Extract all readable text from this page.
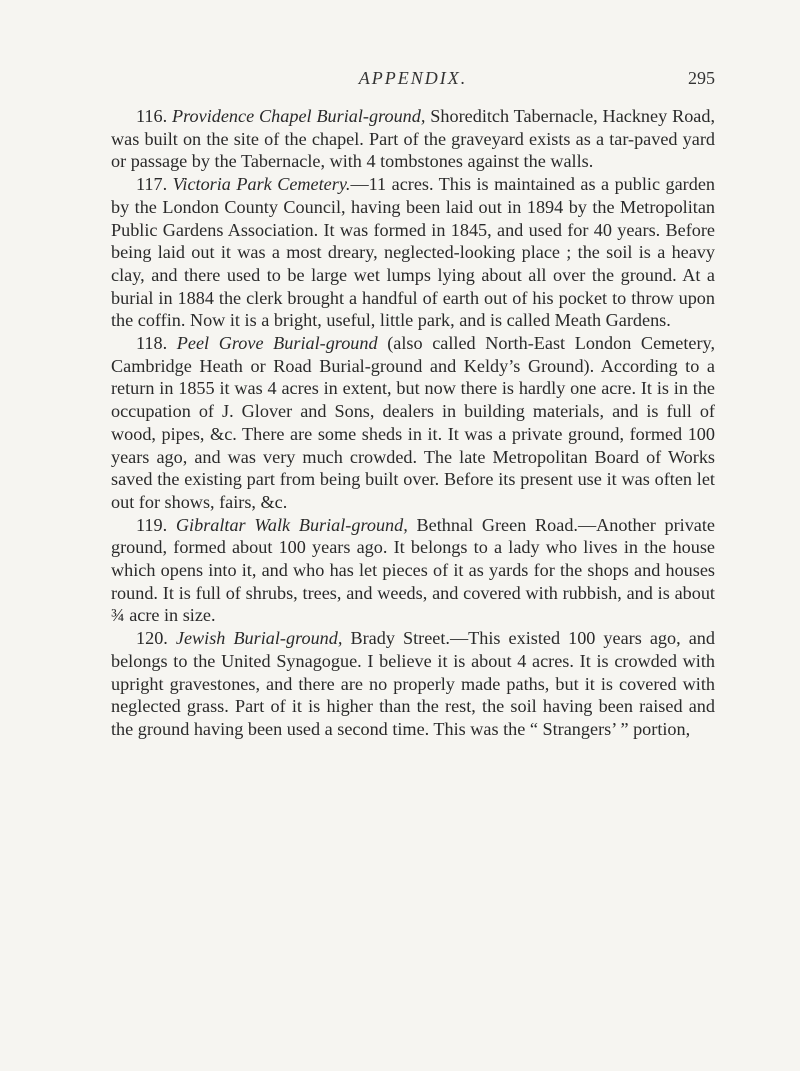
APPENDIX.	295

116. Providence Chapel Burial-ground, Shoreditch Tabernacle, Hackney Road, was built on the site of the chapel. Part of the graveyard exists as a tar-paved yard or passage by the Tabernacle, with 4 tombstones against the walls.

117. Victoria Park Cemetery.—11 acres. This is maintained as a public garden by the London County Council, having been laid out in 1894 by the Metropolitan Public Gardens Association. It was formed in 1845, and used for 40 years. Before being laid out it was a most dreary, neglected-looking place ; the soil is a heavy clay, and there used to be large wet lumps lying about all over the ground. At a burial in 1884 the clerk brought a handful of earth out of his pocket to throw upon the coffin. Now it is a bright, useful, little park, and is called Meath Gardens.

118. Peel Grove Burial-ground (also called North-East London Cemetery, Cambridge Heath or Road Burial-ground and Keldy’s Ground). According to a return in 1855 it was 4 acres in extent, but now there is hardly one acre. It is in the occupation of J. Glover and Sons, dealers in building materials, and is full of wood, pipes, &c. There are some sheds in it. It was a private ground, formed 100 years ago, and was very much crowded. The late Metropolitan Board of Works saved the existing part from being built over. Before its present use it was often let out for shows, fairs, &c.

119. Gibraltar Walk Burial-ground, Bethnal Green Road.—Another private ground, formed about 100 years ago. It belongs to a lady who lives in the house which opens into it, and who has let pieces of it as yards for the shops and houses round. It is full of shrubs, trees, and weeds, and covered with rubbish, and is about ¾ acre in size.

120. Jewish Burial-ground, Brady Street.—This existed 100 years ago, and belongs to the United Synagogue. I believe it is about 4 acres. It is crowded with upright gravestones, and there are no properly made paths, but it is covered with neglected grass. Part of it is higher than the rest, the soil having been raised and the ground having been used a second time. This was the “ Strangers’ ” portion,
